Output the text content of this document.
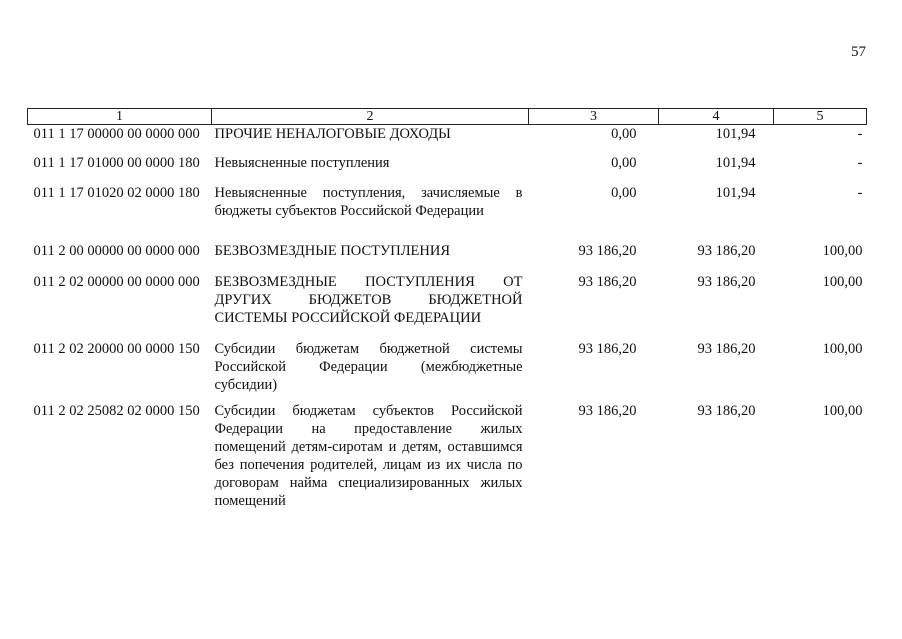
57
1	2	3	4	5
011 1 17 00000 00 0000 000	ПРОЧИЕ НЕНАЛОГОВЫЕ ДОХОДЫ	0,00	101,94	-
011 1 17 01000 00 0000 180	Невыясненные поступления	0,00	101,94	-
011 1 17 01020 02 0000 180	Невыясненные поступления, зачисляемые в бюджеты субъектов Российской Федерации	0,00	101,94	-
011 2 00 00000 00 0000 000	БЕЗВОЗМЕЗДНЫЕ ПОСТУПЛЕНИЯ	93 186,20	93 186,20	100,00
011 2 02 00000 00 0000 000	БЕЗВОЗМЕЗДНЫЕ ПОСТУПЛЕНИЯ ОТ ДРУГИХ БЮДЖЕТОВ БЮДЖЕТНОЙ СИСТЕМЫ РОССИЙСКОЙ ФЕДЕРАЦИИ	93 186,20	93 186,20	100,00
011 2 02 20000 00 0000 150	Субсидии бюджетам бюджетной системы Российской Федерации (межбюджетные субсидии)	93 186,20	93 186,20	100,00
011 2 02 25082 02 0000 150	Субсидии бюджетам субъектов Российской Федерации на предоставление жилых помещений детям-сиротам и детям, оставшимся без попечения родителей, лицам из их числа по договорам найма специализированных жилых помещений	93 186,20	93 186,20	100,00
